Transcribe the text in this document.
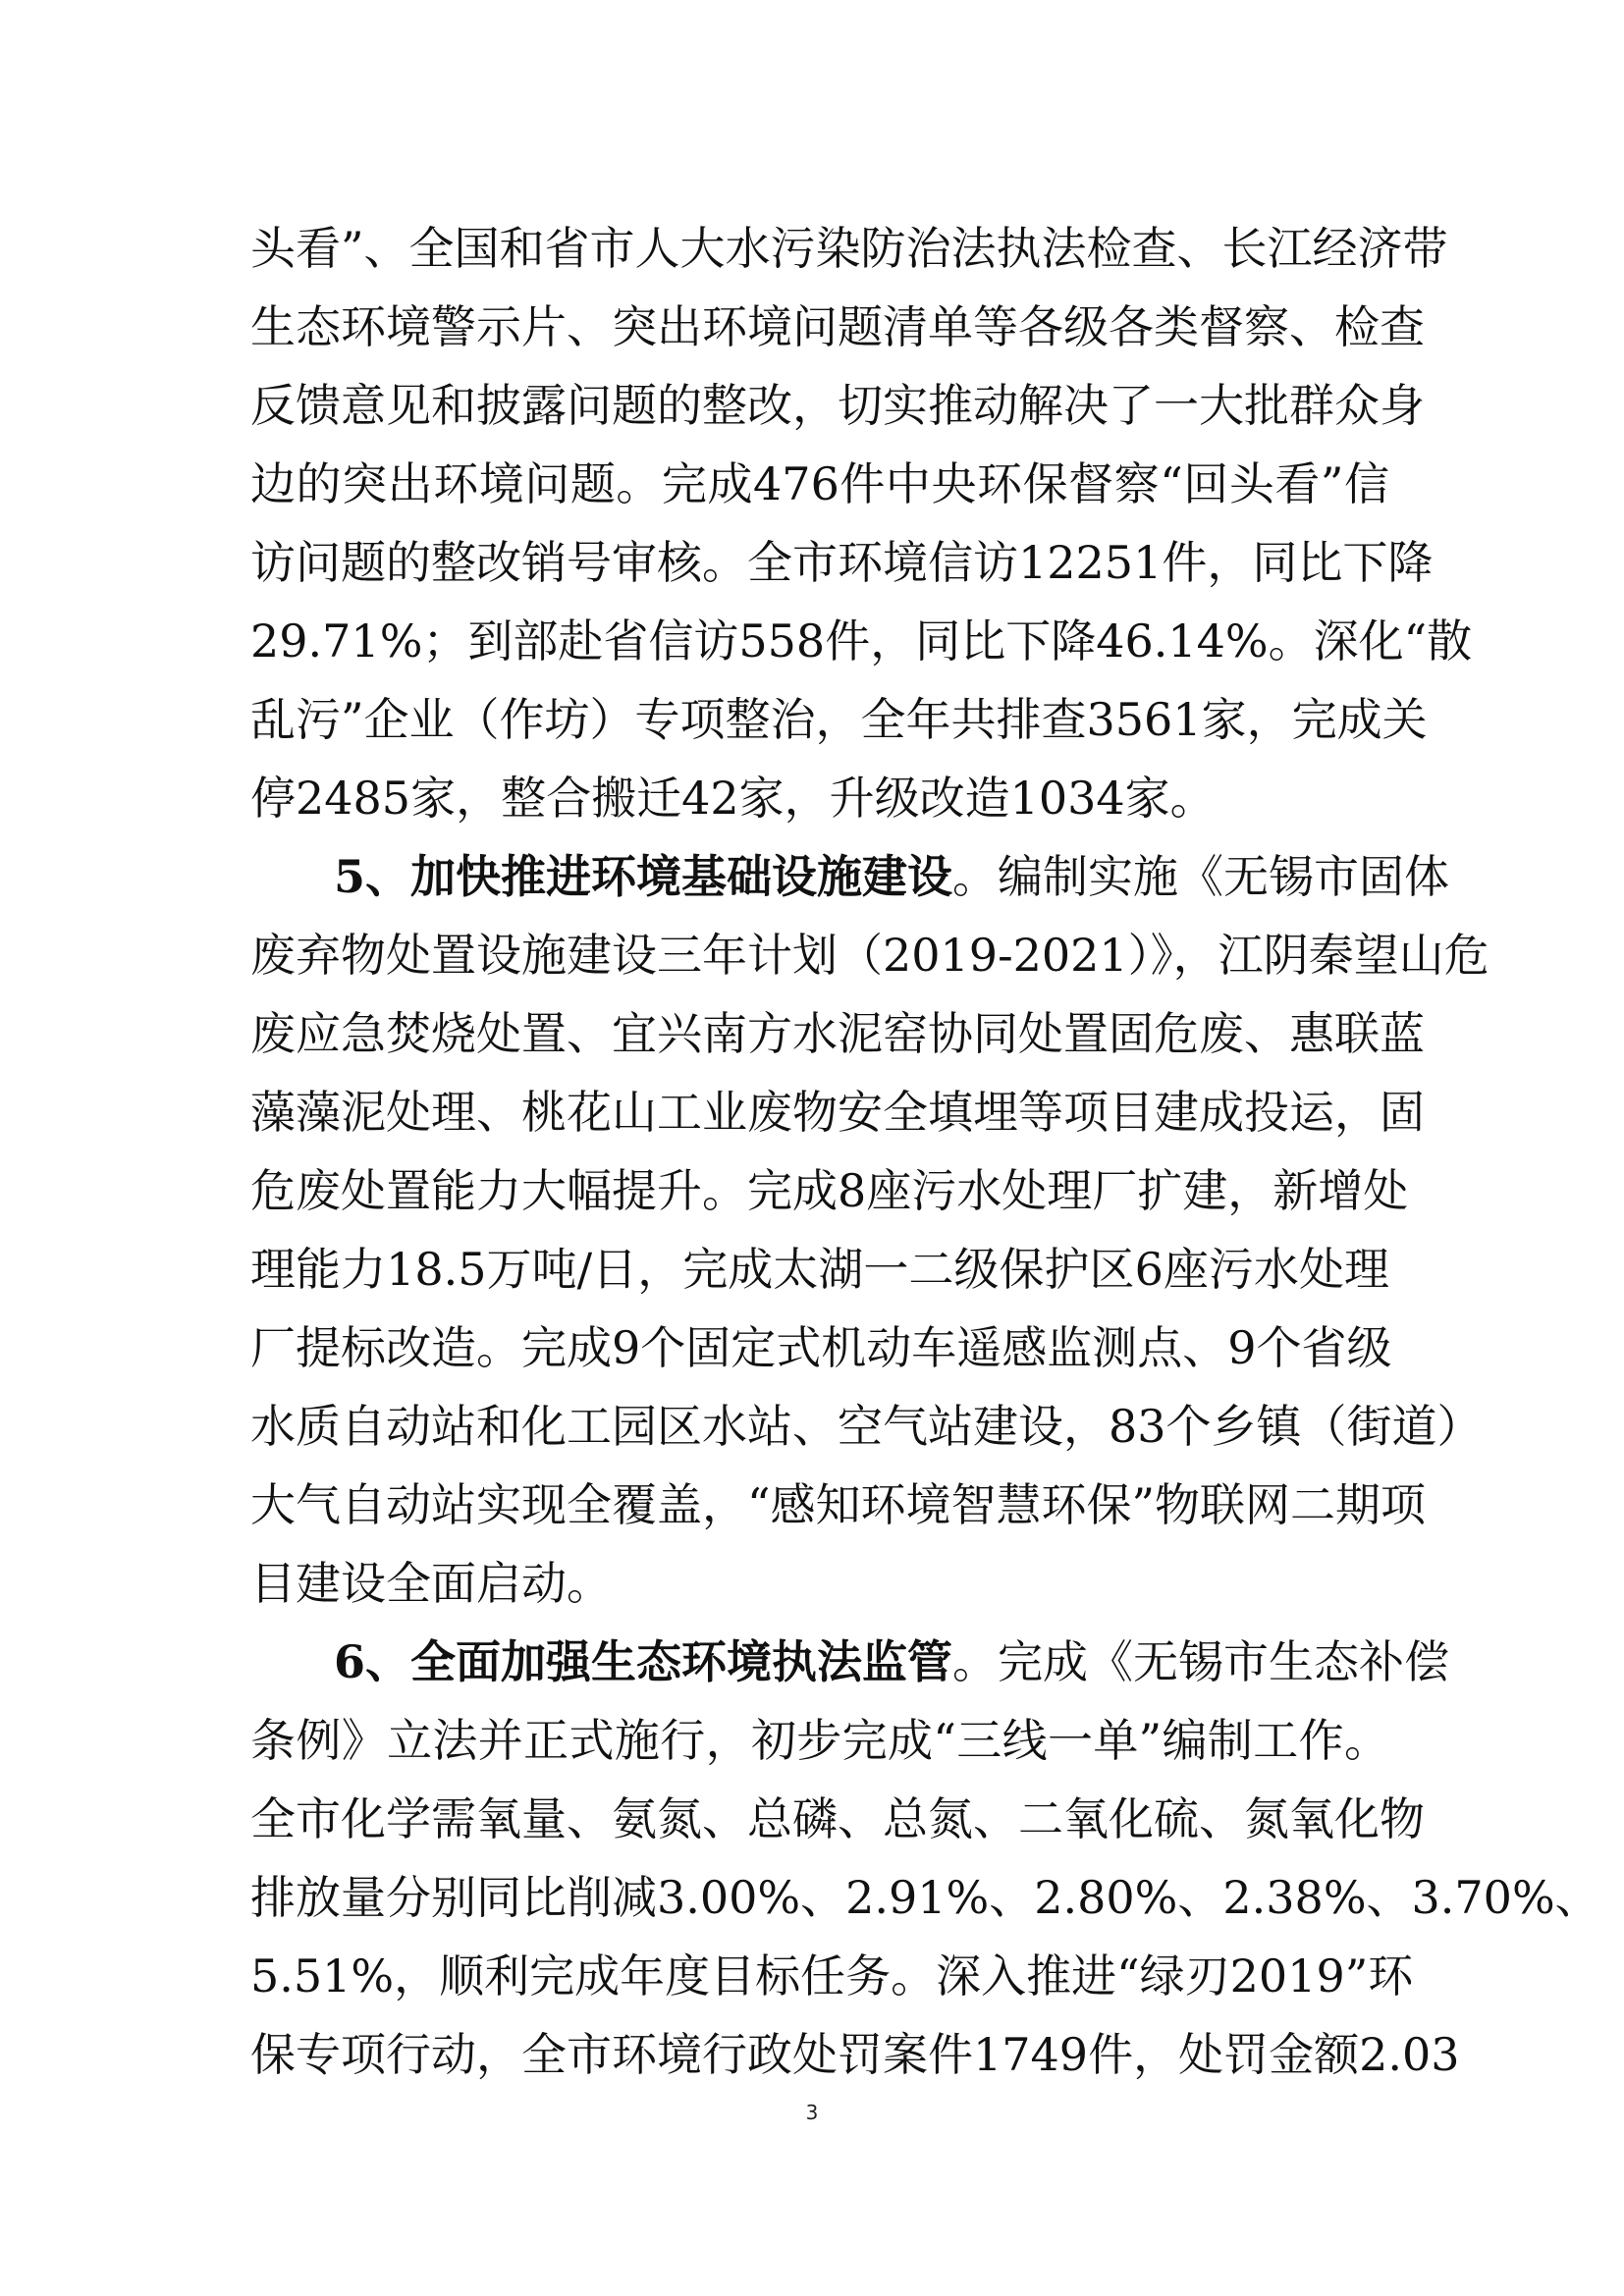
头看”、全国和省市人大水污染防治法执法检查、长江经济带
生态环境警示片、突出环境问题清单等各级各类督察、检查
反馈意见和披露问题的整改，切实推动解决了一大批群众身
边的突出环境问题。完成476件中央环保督察“回头看”信
访问题的整改销号审核。全市环境信访12251件，同比下降
29.71%；到部赴省信访558件，同比下降46.14%。深化“散
乱污”企业（作坊）专项整治，全年共排查3561家，完成关
停2485家，整合搬迁42家，升级改造1034家。
5、加快推进环境基础设施建设。编制实施《无锡市固体
废弃物处置设施建设三年计划（2019-2021）》，江阴秦望山危
废应急焚烧处置、宜兴南方水泥窑协同处置固危废、惠联蓝
藻藻泥处理、桃花山工业废物安全填埋等项目建成投运，固
危废处置能力大幅提升。完成8座污水处理厂扩建，新增处
理能力18.5万吨/日，完成太湖一二级保护区6座污水处理
厂提标改造。完成9个固定式机动车遥感监测点、9个省级
水质自动站和化工园区水站、空气站建设，83个乡镇（街道）
大气自动站实现全覆盖，“感知环境智慧环保”物联网二期项
目建设全面启动。
6、全面加强生态环境执法监管。完成《无锡市生态补偿
条例》立法并正式施行，初步完成“三线一单”编制工作。
全市化学需氧量、氨氮、总磷、总氮、二氧化硫、氮氧化物
排放量分别同比削减3.00%、2.91%、2.80%、2.38%、3.70%、
5.51%，顺利完成年度目标任务。深入推进“绿刃2019”环
保专项行动，全市环境行政处罚案件1749件，处罚金额2.03
3
